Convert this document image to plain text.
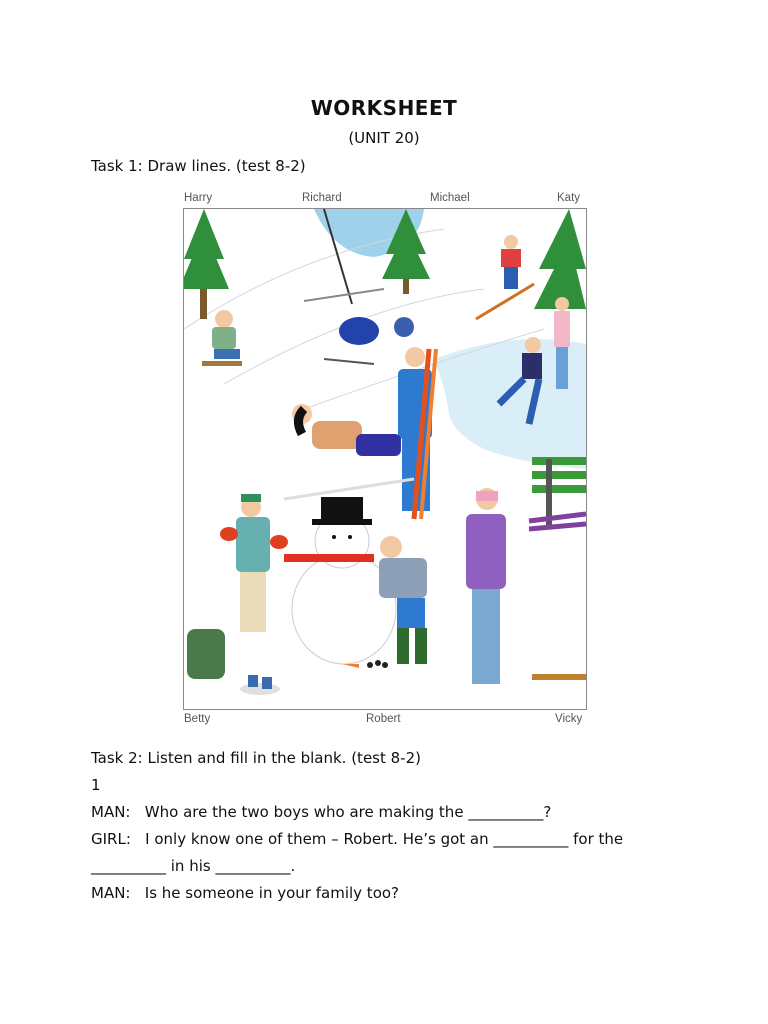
WORKSHEET
(UNIT 20)
Task 1: Draw lines. (test 8-2)
Harry	Richard	Michael	Katy
Betty	Robert	Vicky
Task 2: Listen and fill in the blank. (test 8-2)
1
MAN:   Who are the two boys who are making the __________?
GIRL:   I only know one of them – Robert. He’s got an __________ for the
__________ in his __________.
MAN:   Is he someone in your family too?
